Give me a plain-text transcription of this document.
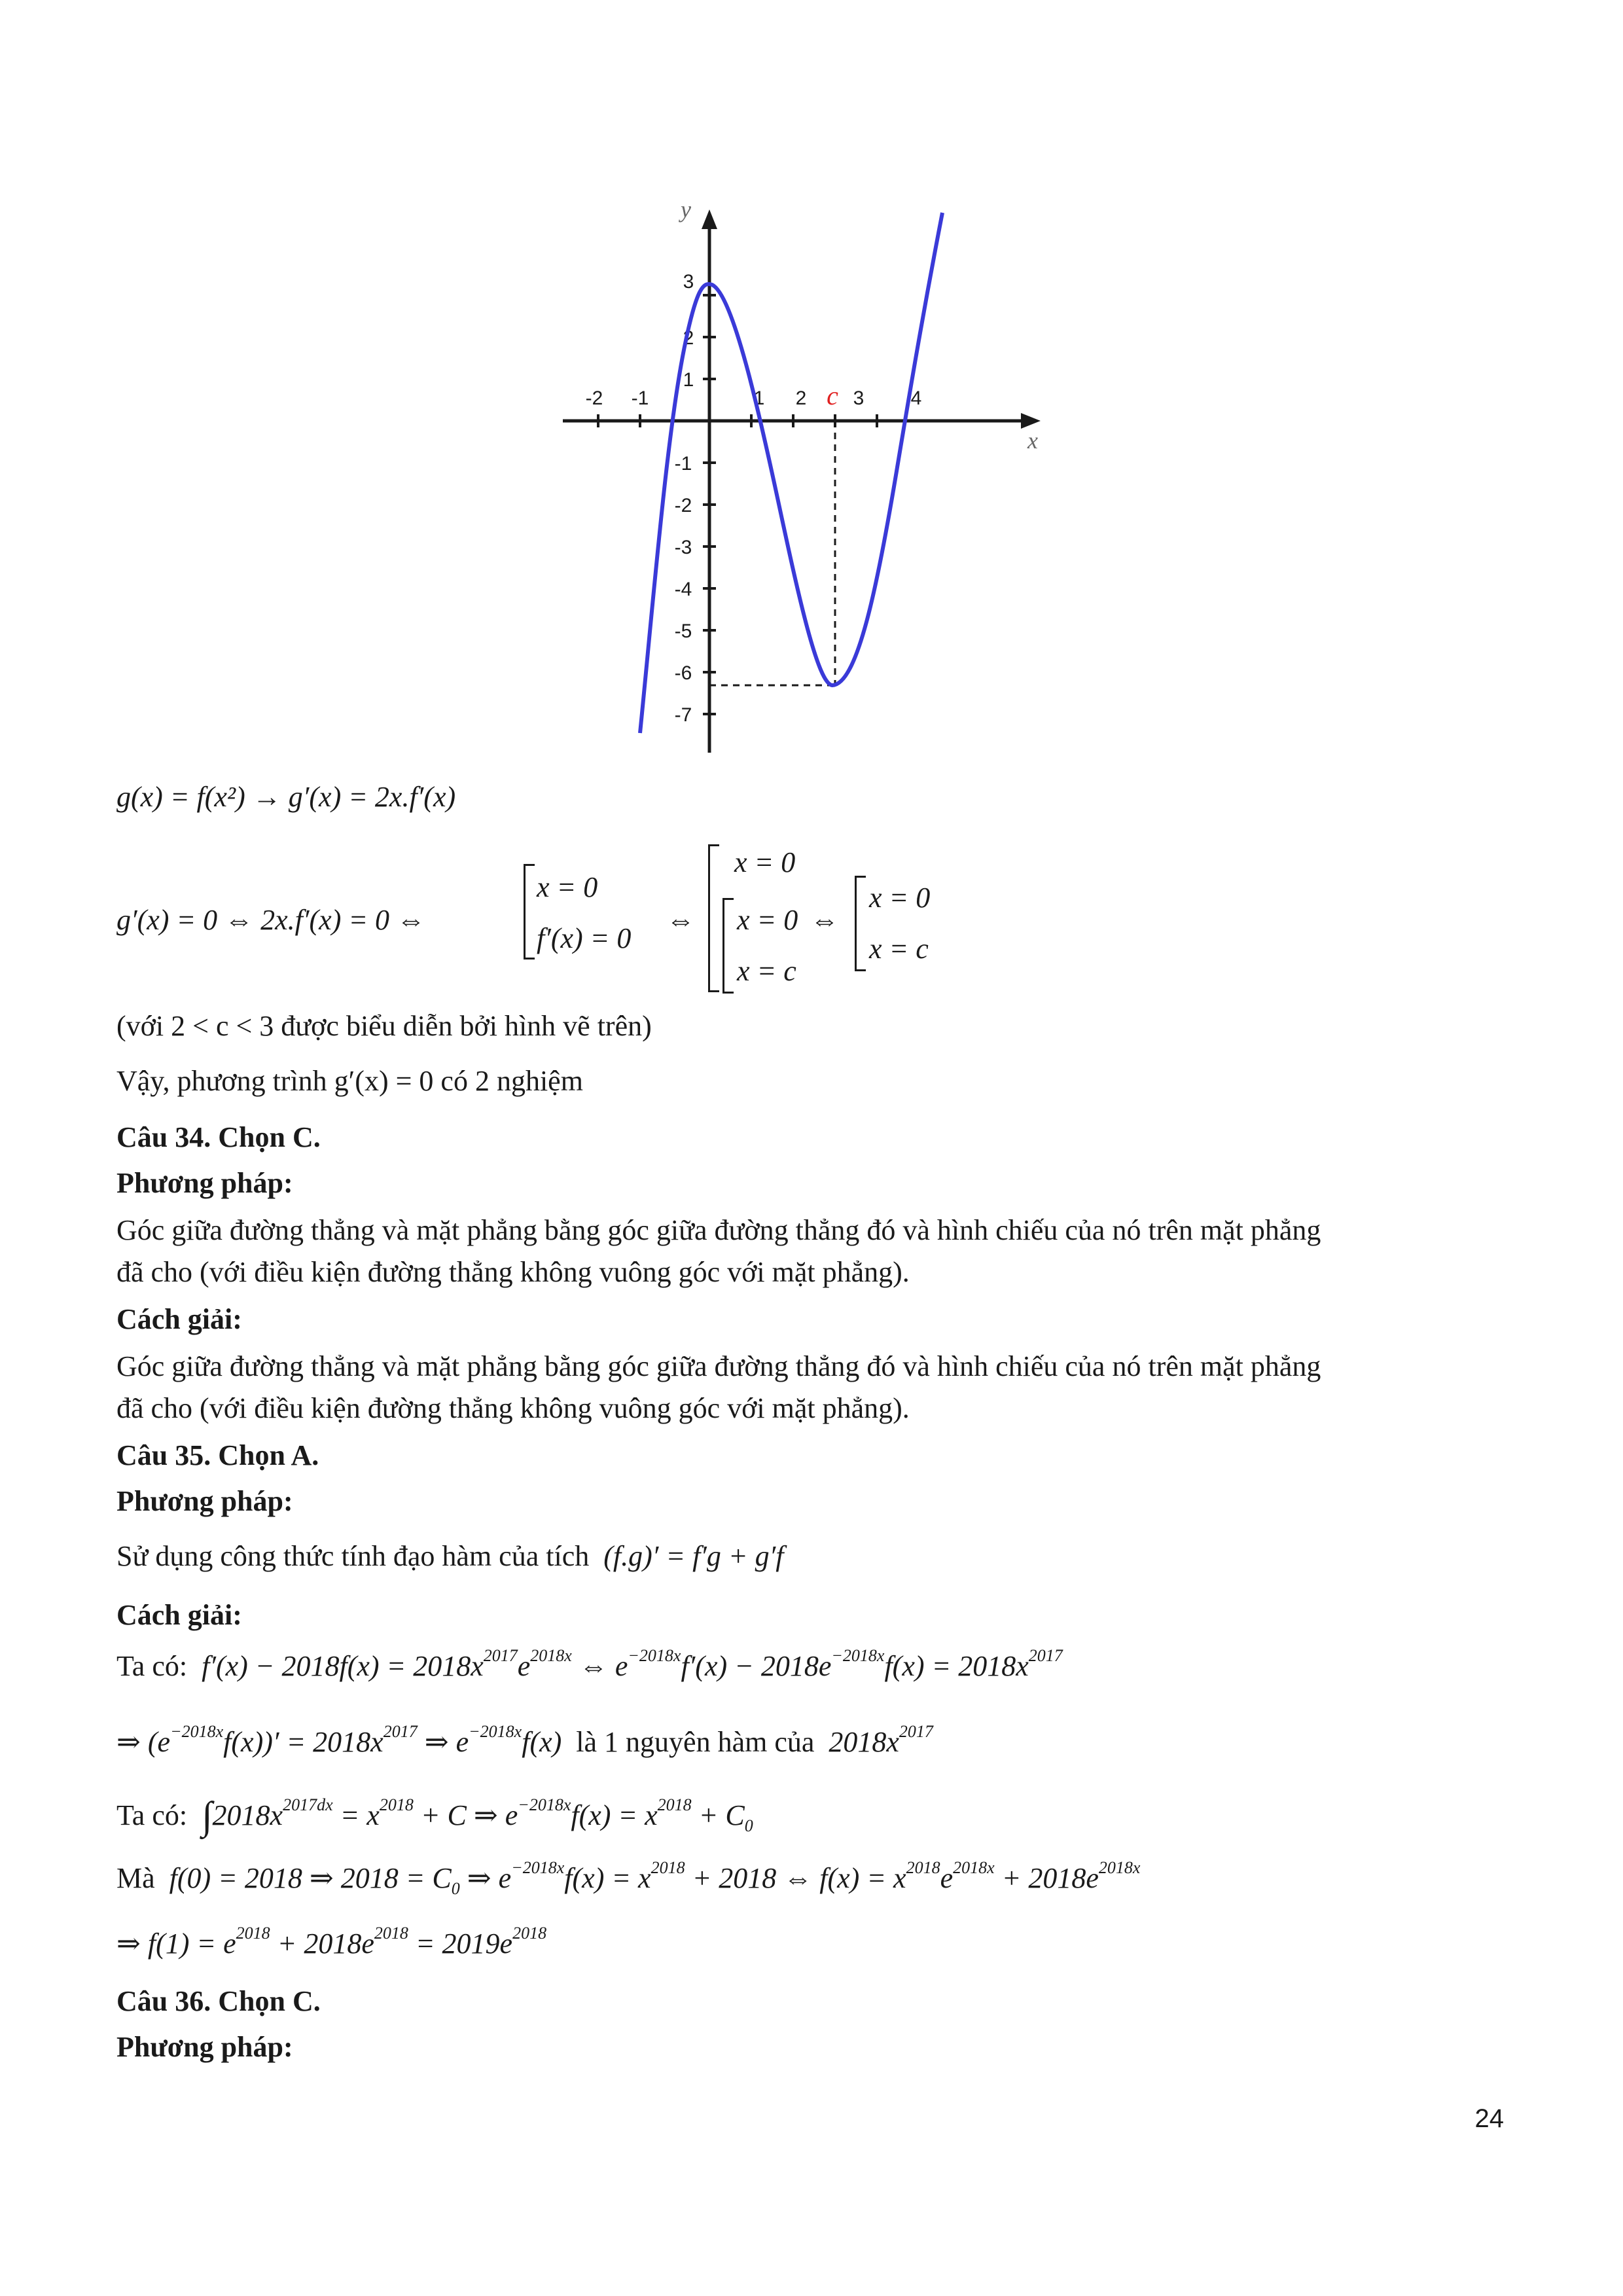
x
y
-2 -1	1 2 3 4
1
2
3
-1
-2
-3
-4
-5
-6
-7
c
g(x) = f(x²) → g′(x) = 2x.f′(x)
g′(x) = 0 ⇔ 2x.f′(x) = 0 ⇔
x = 0
f′(x) = 0
⇔
x = 0
x = 0 ⇔
x = c
x = 0
x = c
(với 2 < c < 3 được biểu diễn bởi hình vẽ trên)
Vậy, phương trình g′(x) = 0 có 2 nghiệm
Câu 34. Chọn C.
Phương pháp:
Góc giữa đường thẳng và mặt phẳng bằng góc giữa đường thẳng đó và hình chiếu của nó trên mặt phẳng
đã cho (với điều kiện đường thẳng không vuông góc với mặt phẳng).
Cách giải:
Góc giữa đường thẳng và mặt phẳng bằng góc giữa đường thẳng đó và hình chiếu của nó trên mặt phẳng
đã cho (với điều kiện đường thẳng không vuông góc với mặt phẳng).
Câu 35. Chọn A.
Phương pháp:
Sử dụng công thức tính đạo hàm của tích (f.g)′ = f′g + g′f
Cách giải:
Ta có: $f'(x) - 2018f(x) = 2018x^{2017}e^{2018x}$ ⇔ $e^{-2018x}f'(x) - 2018e^{-2018x}f(x) = 2018x^{2017}$
⇒ $(e^{-2018x}f(x))' = 2018x^{2017}$ ⇒ $e^{-2018x}f(x)$ là 1 nguyên hàm của $2018x^{2017}$
Ta có: $\int 2018x^{2017dx} = x^{2018} + C$ ⇒ $e^{-2018x}f(x) = x^{2018} + C_0$
Mà f(0) = 2018 ⇒ $2018 = C_0$ ⇒ $e^{-2018x}f(x) = x^{2018} + 2018$ ⇔ $f(x) = x^{2018}e^{2018x} + 2018e^{2018x}$
⇒ $f(1) = e^{2018} + 2018e^{2018} = 2019e^{2018}$
Câu 36. Chọn C.
Phương pháp:
24
